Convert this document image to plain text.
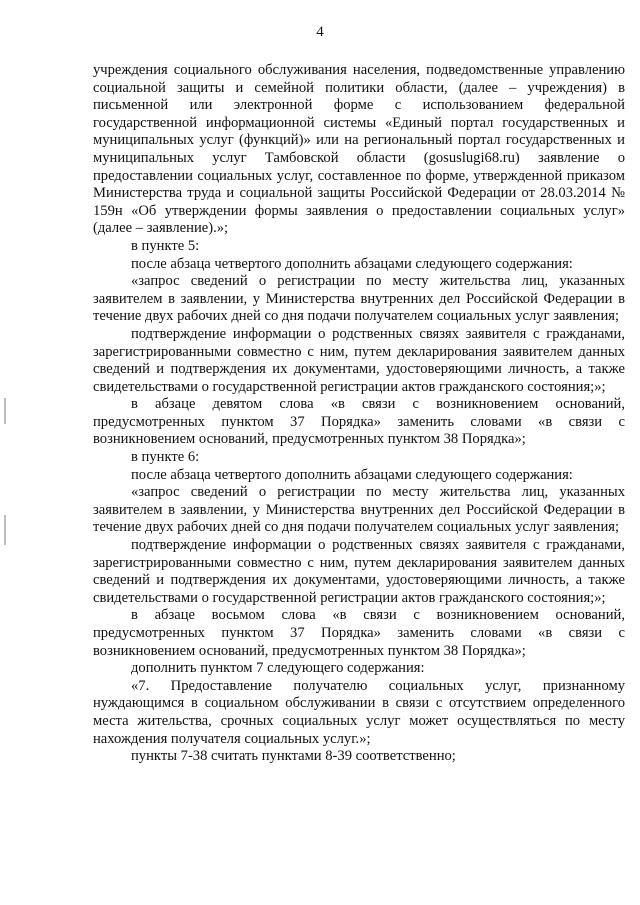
4

учреждения социального обслуживания населения, подведомственные управлению социальной защиты и семейной политики области, (далее – учреждения) в письменной или электронной форме с использованием федеральной государственной информационной системы «Единый портал государственных и муниципальных услуг (функций)» или на региональный портал государственных и муниципальных услуг Тамбовской области (gosuslugi68.ru) заявление о предоставлении социальных услуг, составленное по форме, утвержденной приказом Министерства труда и социальной защиты Российской Федерации от 28.03.2014 № 159н «Об утверждении формы заявления о предоставлении социальных услуг» (далее – заявление).»;

в пункте 5:

после абзаца четвертого дополнить абзацами следующего содержания:

«запрос сведений о регистрации по месту жительства лиц, указанных заявителем в заявлении, у Министерства внутренних дел Российской Федерации в течение двух рабочих дней со дня подачи получателем социальных услуг заявления;

подтверждение информации о родственных связях заявителя с гражданами, зарегистрированными совместно с ним, путем декларирования заявителем данных сведений и подтверждения их документами, удостоверяющими личность, а также свидетельствами о государственной регистрации актов гражданского состояния;»;

в абзаце девятом слова «в связи с возникновением оснований, предусмотренных пунктом 37 Порядка» заменить словами «в связи с возникновением оснований, предусмотренных пунктом 38 Порядка»;

в пункте 6:

после абзаца четвертого дополнить абзацами следующего содержания:

«запрос сведений о регистрации по месту жительства лиц, указанных заявителем в заявлении, у Министерства внутренних дел Российской Федерации в течение двух рабочих дней со дня подачи получателем социальных услуг заявления;

подтверждение информации о родственных связях заявителя с гражданами, зарегистрированными совместно с ним, путем декларирования заявителем данных сведений и подтверждения их документами, удостоверяющими личность, а также свидетельствами о государственной регистрации актов гражданского состояния;»;

в абзаце восьмом слова «в связи с возникновением оснований, предусмотренных пунктом 37 Порядка» заменить словами «в связи с возникновением оснований, предусмотренных пунктом 38 Порядка»;

дополнить пунктом 7 следующего содержания:

«7. Предоставление получателю социальных услуг, признанному нуждающимся в социальном обслуживании в связи с отсутствием определенного места жительства, срочных социальных услуг может осуществляться по месту нахождения получателя социальных услуг.»;

пункты 7-38 считать пунктами 8-39 соответственно;
